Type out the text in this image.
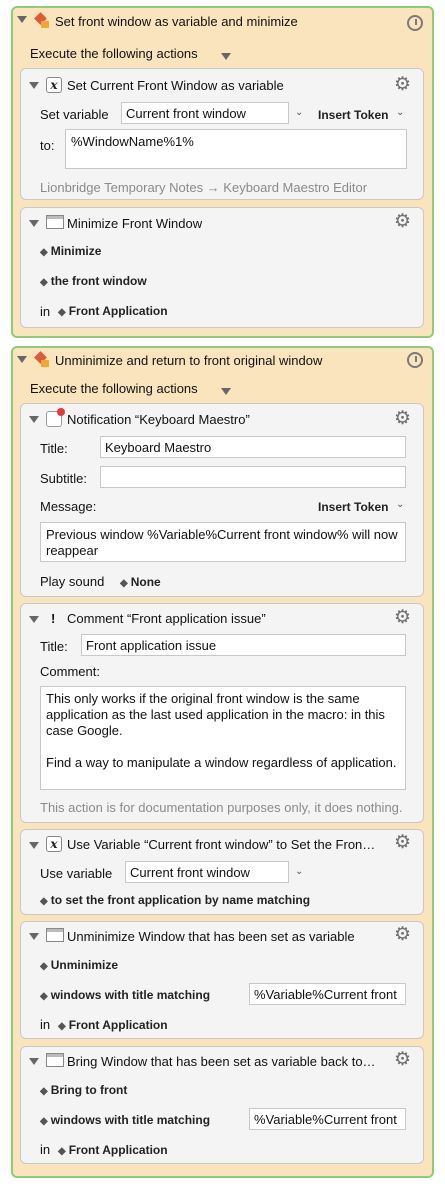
Set front window as variable and minimize
Execute the following actions
x Set Current Front Window as variable	⚙
Set variable	Current front window	⌄ Insert Token ⌄
to:	%WindowName%1%
Lionbridge Temporary Notes → Keyboard Maestro Editor
Minimize Front Window	⚙
◆ Minimize
◆ the front window
in ◆ Front Application
Unminimize and return to front original window
Execute the following actions
Notification “Keyboard Maestro”	⚙
Title:	Keyboard Maestro
Subtitle:
Message:	Insert Token ⌄
Previous window %Variable%Current front window% will now reappear
Play sound ◆ None
! Comment “Front application issue”	⚙
Title:	Front application issue
Comment:
This only works if the original front window is the same application as the last used application in the macro: in this case Google.

Find a way to manipulate a window regardless of application.
This action is for documentation purposes only, it does nothing.
x Use Variable “Current front window” to Set the Fron… ⚙
Use variable	Current front window	⌄
◆ to set the front application by name matching
Unminimize Window that has been set as variable ⚙
◆ Unminimize
◆ windows with title matching	%Variable%Current front
in ◆ Front Application
Bring Window that has been set as variable back to… ⚙
◆ Bring to front
◆ windows with title matching	%Variable%Current front
in ◆ Front Application
